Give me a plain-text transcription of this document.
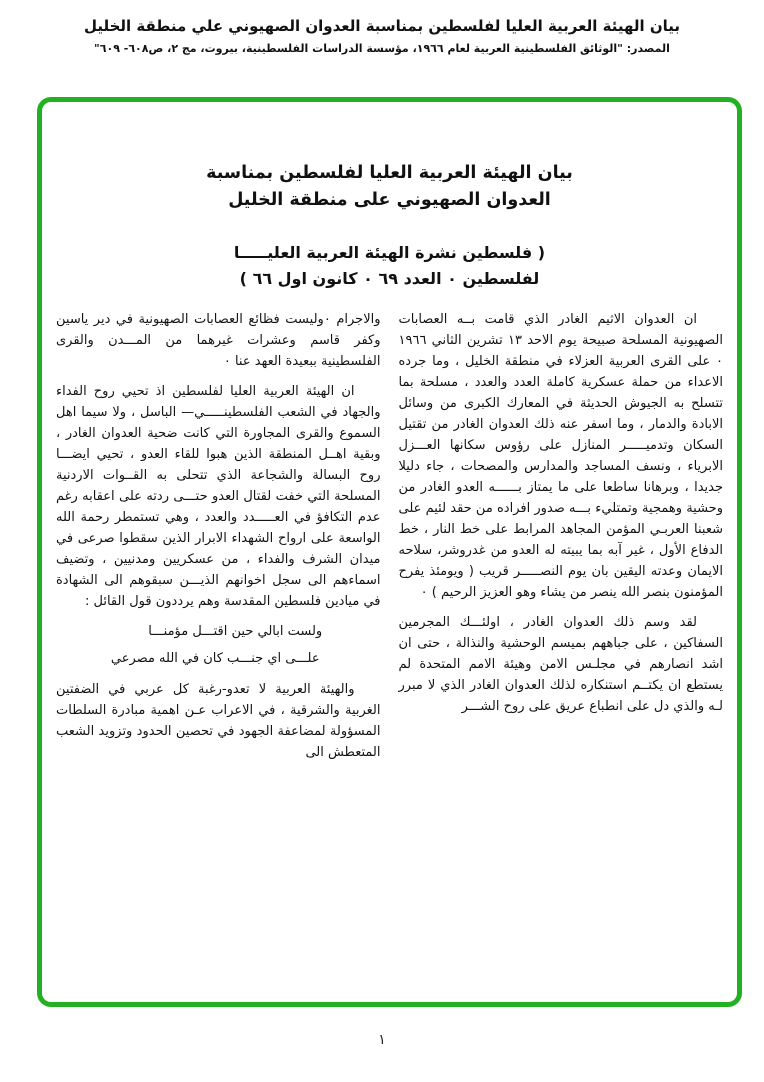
بيان الهيئة العربية العليا لفلسطين بمناسبة العدوان الصهيوني علي منطقة الخليل
المصدر: "الوثائق الفلسطينية العربية لعام ١٩٦٦، مؤسسة الدراسات الفلسطينية، بيروت، مج ٢، ص٦٠٨- ٦٠٩"
بيان الهيئة العربية العليا لفلسطين بمناسبة
العدوان الصهيوني على منطقة الخليل
( فلسطين نشرة الهيئة العربية العليـــــا
لفلسطين ٠ العدد ٦٩ ٠ كانون اول ٦٦ )

ان العدوان الاثيم الغادر الذي قامت بــه العصابات الصهيونية المسلحة صبيحة يوم الاحد ١٣ تشرين الثاني ١٩٦٦ ٠ على القرى العربية العزلاء في منطقة الخليل ، وما جرده الاعداء من حملة عسكرية كاملة العدد والعدد ، مسلحة بما تتسلح به الجيوش الحديثة في المعارك الكبرى من وسائل الابادة والدمار ، وما اسفر عنه ذلك العدوان الغادر من تقتيل السكان وتدميـــــر المنازل على رؤوس سكانها العـــزل الابرياء ، ونسف المساجد والمدارس والمصحات ، جاء دليلا جديدا ، وبرهانا ساطعا على ما يمتاز بــــــه العدو الغادر من وحشية وهمجية وتمتليء بـــه صدور افراده من حقد لئيم على شعبنا العربـي المؤمن المجاهد المرابط على خط النار ، خط الدفاع الأول ، غير آبه بما يبيته له العدو من غدروشر، سلاحه الايمان وعدته اليقين بان يوم النصـــــر قريب ( ويومئذ يفرح المؤمنون بنصر الله ينصر من يشاء وهو العزيز الرحيم ) ٠

لقد وسم ذلك العدوان الغادر ، اولئـــك المجرمين السفاكين ، على جباههم بميسم الوحشية والنذالة ، حتى ان اشد انصارهم في مجلـس الامن وهيئة الامم المتحدة لم يستطع ان يكتــم استنكاره لذلك العدوان الغادر الذي لا مبرر لـه والذي دل على انطباع عريق على روح الشـــر

والاجرام ٠وليست فظائع العصابات الصهيونية في دير ياسين وكفر قاسم وعشرات غيرهما من المـــدن والقرى الفلسطينية ببعيدة العهد عنا ٠

ان الهيئة العربية العليا لفلسطين اذ تحيي روح الفداء والجهاد في الشعب الفلسطينـــــي— الباسل ، ولا سيما اهل السموع والقرى المجاورة التي كانت ضحية العدوان الغادر ، وبقية اهــل المنطقة الذين هبوا للقاء العدو ، تحيي ايضـــا روح البسالة والشجاعة الذي تتحلى به القــوات الاردنية المسلحة التي خفت لقتال العدو حتـــى ردته على اعقابه رغم عدم التكافؤ في العـــــدد والعدد ، وهي تستمطر رحمة الله الواسعة على ارواح الشهداء الابرار الذين سقطوا صرعى في ميدان الشرف والفداء ، من عسكريين ومدنيين ، وتضيف اسماءهم الى سجل اخوانهم الذيـــن سبقوهم الى الشهادة في ميادين فلسطين المقدسة وهم يرددون قول القائل :

ولست ابالي حين اقتـــل مؤمنـــا

علـــى اي جنـــب كان في الله مصرعي

والهيئة العربية لا تعدو-رغبة كل عربي في الضفتين الغربية والشرقية ، في الاعراب عـن اهمية مبادرة السلطات المسؤولة لمضاعفة الجهود في تحصين الحدود وتزويد الشعب المتعطش الى

١
